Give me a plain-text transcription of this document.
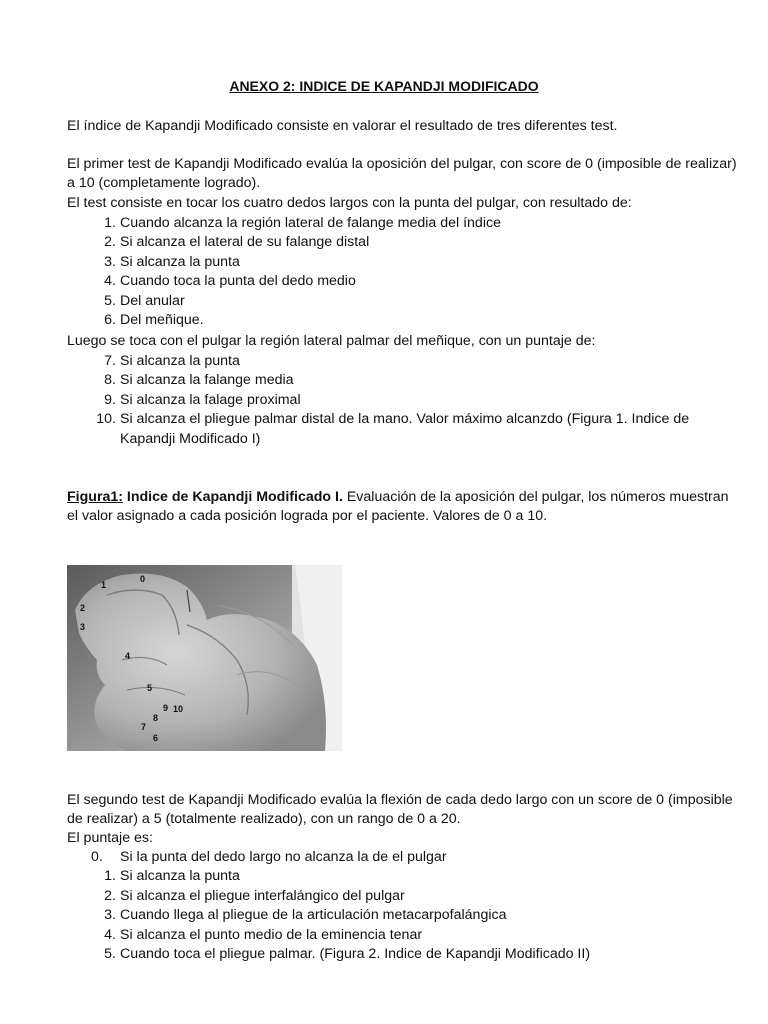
ANEXO 2: INDICE DE KAPANDJI MODIFICADO
El índice de Kapandji Modificado consiste en valorar el resultado de tres diferentes test.
El primer test de Kapandji Modificado evalúa la oposición del pulgar, con score de 0 (imposible de realizar) a 10 (completamente logrado).
El test consiste en tocar los cuatro dedos largos con la punta del pulgar, con resultado de:
1. Cuando alcanza la región lateral de falange media del índice
2. Si alcanza el lateral de su falange distal
3. Si alcanza la punta
4. Cuando toca la punta del dedo medio
5. Del anular
6. Del meñique.
Luego se toca con el pulgar la región lateral palmar del meñique, con un puntaje de:
7. Si alcanza la punta
8. Si alcanza la falange media
9. Si alcanza la falage proximal
10. Si alcanza el pliegue palmar distal de la mano. Valor máximo alcanzdo (Figura 1. Indice de Kapandji Modificado I)
Figura1: Indice de Kapandji Modificado I. Evaluación de la aposición del pulgar, los números muestran el valor asignado a cada posición lograda por el paciente. Valores de 0 a 10.
0
1
2
3
4
5
6
7
8
9 10
El segundo test de Kapandji Modificado evalúa la flexión de cada dedo largo con un score de 0 (imposible de realizar) a 5 (totalmente realizado), con un rango de 0 a 20.
El puntaje es:
0.	Si la punta del dedo largo no alcanza la de el pulgar
1. Si alcanza la punta
2. Si alcanza el pliegue interfalángico del pulgar
3. Cuando llega al pliegue de la articulación metacarpofalángica
4. Si alcanza el punto medio de la eminencia tenar
5. Cuando toca el pliegue palmar. (Figura 2. Indice de Kapandji Modificado II)
